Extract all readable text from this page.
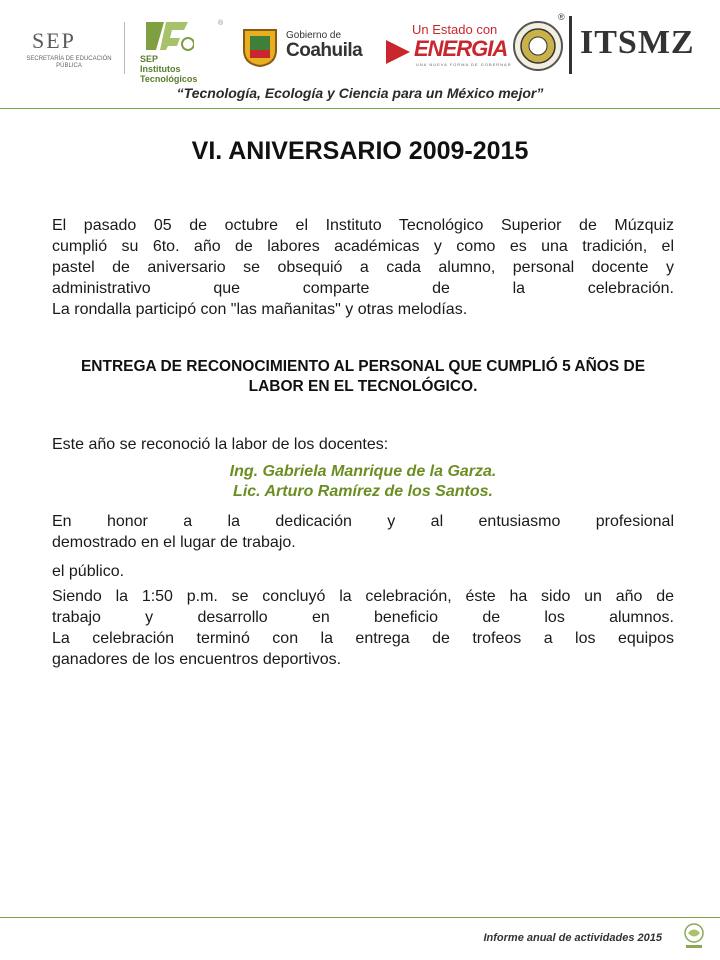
SEP
SECRETARÍA DE EDUCACIÓN PÚBLICA
SEP
Institutos Tecnológicos
®
Gobierno de
Coahuila
Un Estado con
ENERGIA
UNA NUEVA FORMA DE GOBERNAR
®
ITSMZ
“Tecnología, Ecología y Ciencia para un México mejor”
VI. ANIVERSARIO 2009-2015
El pasado 05 de octubre el Instituto Tecnológico Superior de Múzquiz
cumplió su 6to. año de labores académicas y como es una tradición, el
pastel de aniversario se obsequió a cada alumno, personal docente y
administrativo que comparte de la celebración.
La rondalla participó con "las mañanitas" y otras melodías.
ENTREGA DE RECONOCIMIENTO AL PERSONAL QUE CUMPLIÓ 5 AÑOS DE LABOR EN EL TECNOLÓGICO.
Este año se reconoció la labor de los docentes:
Ing. Gabriela Manrique de la Garza.
Lic. Arturo Ramírez de los Santos.
En honor a la dedicación y al entusiasmo profesional
demostrado en el lugar de trabajo.
el público.
Siendo la 1:50 p.m. se concluyó la celebración, éste ha sido un año de
trabajo y desarrollo en beneficio de los alumnos.
La celebración terminó con la entrega de trofeos a los equipos
ganadores de los encuentros deportivos.
Informe anual de actividades 2015
